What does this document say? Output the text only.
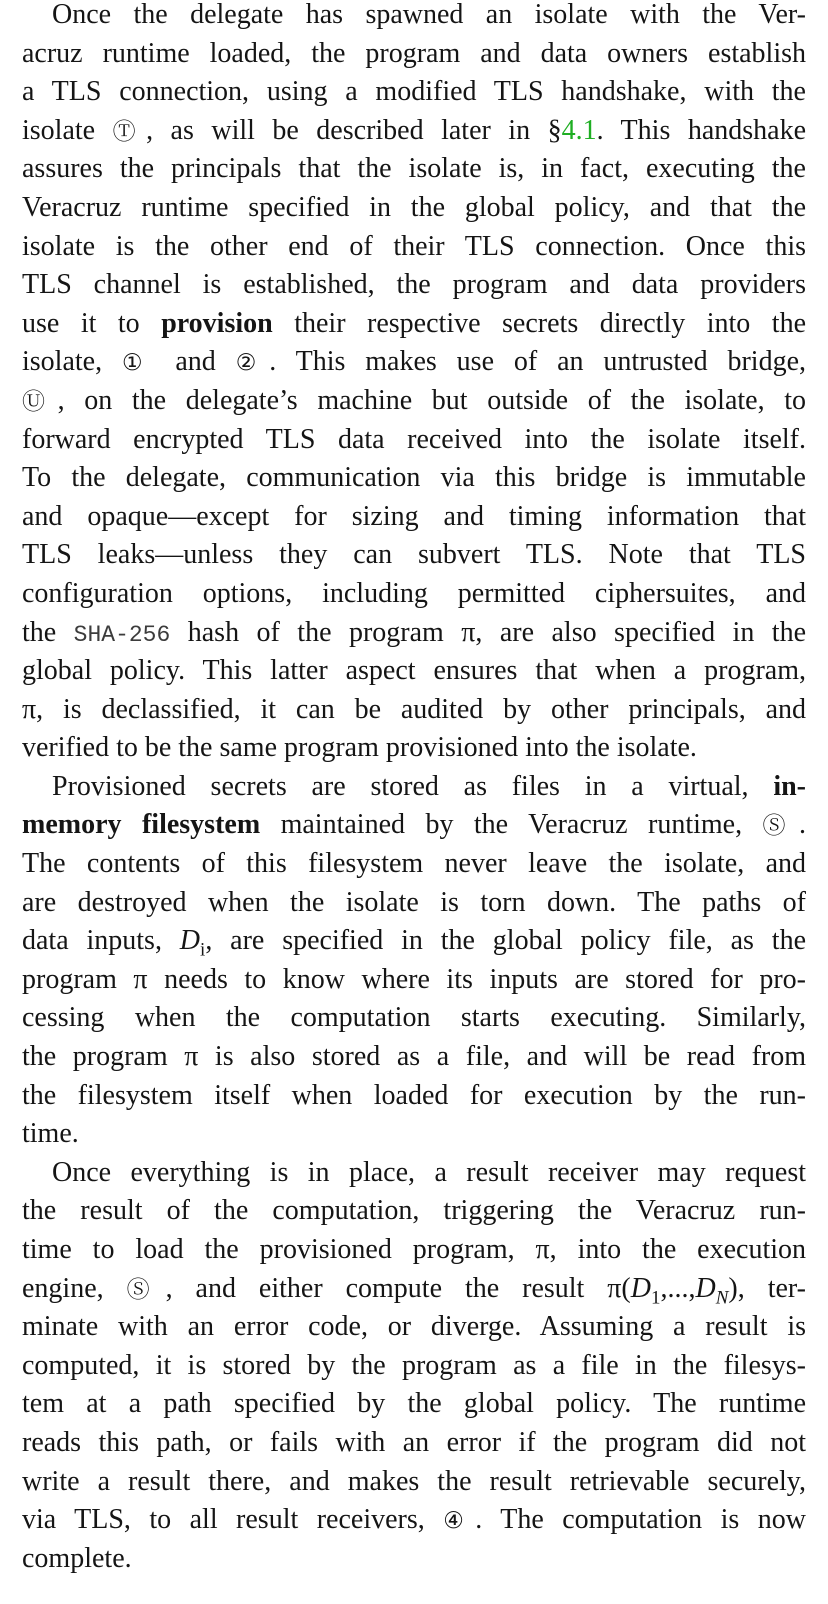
Once the delegate has spawned an isolate with the Ver-
acruz runtime loaded, the program and data owners establish
a TLS connection, using a modified TLS handshake, with the
isolate Ⓣ, as will be described later in §4.1. This handshake
assures the principals that the isolate is, in fact, executing the
Veracruz runtime specified in the global policy, and that the
isolate is the other end of their TLS connection. Once this
TLS channel is established, the program and data providers
use it to provision their respective secrets directly into the
isolate, ① and ②. This makes use of an untrusted bridge,
Ⓤ, on the delegate’s machine but outside of the isolate, to
forward encrypted TLS data received into the isolate itself.
To the delegate, communication via this bridge is immutable
and opaque—except for sizing and timing information that
TLS leaks—unless they can subvert TLS. Note that TLS
configuration options, including permitted ciphersuites, and
the SHA-256 hash of the program π, are also specified in the
global policy. This latter aspect ensures that when a program,
π, is declassified, it can be audited by other principals, and
verified to be the same program provisioned into the isolate.
Provisioned secrets are stored as files in a virtual, in-
memory filesystem maintained by the Veracruz runtime, Ⓢ.
The contents of this filesystem never leave the isolate, and
are destroyed when the isolate is torn down. The paths of
data inputs, $D_i$, are specified in the global policy file, as the
program π needs to know where its inputs are stored for pro-
cessing when the computation starts executing. Similarly,
the program π is also stored as a file, and will be read from
the filesystem itself when loaded for execution by the run-
time.
Once everything is in place, a result receiver may request
the result of the computation, triggering the Veracruz run-
time to load the provisioned program, π, into the execution
engine, Ⓢ, and either compute the result $\pi(D_1,...,D_N)$, ter-
minate with an error code, or diverge. Assuming a result is
computed, it is stored by the program as a file in the filesys-
tem at a path specified by the global policy. The runtime
reads this path, or fails with an error if the program did not
write a result there, and makes the result retrievable securely,
via TLS, to all result receivers, ④. The computation is now
complete.
